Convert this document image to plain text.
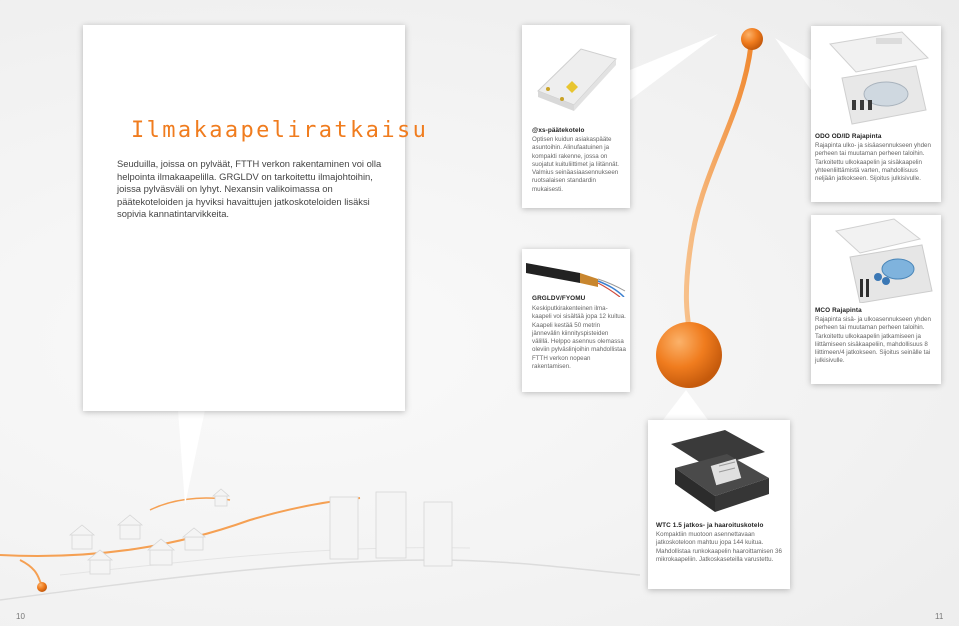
Ilmakaapeliratkaisu
Seuduilla, joissa on pylväät, FTTH verkon rakentaminen voi olla helpointa ilmakaapelilla. GRGLDV on tarkoitettu ilmajohtoihin, joissa pylväsväli on lyhyt. Nexansin valikoimassa on päätekoteloiden ja hyviksi havaittujen jatkoskoteloiden lisäksi sopivia kannatintarvikkeita.
@xs-päätekotelo
Optisen kuidun asiakaspääte asuntoihin. Alinufaatuinen ja kompakti rakenne, jossa on suojatut kuituliittimet ja liitännät. Valmius seinäasiaasennukseen ruotsalaisen standardin mukaisesti.
ODO OD/ID Rajapinta
Rajapinta ulko- ja sisäasennukseen yhden perheen tai muutaman perheen taloihin. Tarkoitettu ulkokaapelin ja sisäkaapelin yhteenliittämistä varten, mahdollisuus neljään jatkokseen. Sijoitus julkisivulle.
GRGLDV/FYOMU
Keskiputkirakenteinen ilma-kaapeli voi sisältää jopa 12 kuitua. Kaapeli kestää 50 metrin jännevälin kiinnityspisteiden välillä. Helppo asennus olemassa oleviin pylväslinjoihin mahdollistaa FTTH verkon nopean rakentamisen.
MCO Rajapinta
Rajapinta sisä- ja ulkoasennukseen yhden perheen tai muutaman perheen taloihin. Tarkoitettu ulkokaapelin jatkamiseen ja liittämiseen sisäkaapeliin, mahdollisuus 8 liittimeen/4 jatkokseen. Sijoitus seinälle tai julkisivulle.
WTC 1.5 jatkos- ja haaroituskotelo
Kompaktiin muotoon asennettavaan jatkoskoteloon mahtuu jopa 144 kuitua. Mahdollistaa runkokaapelin haaroittamisen 36 mikrokaapeliin. Jatkoskaseteilla varustettu.
10	11
